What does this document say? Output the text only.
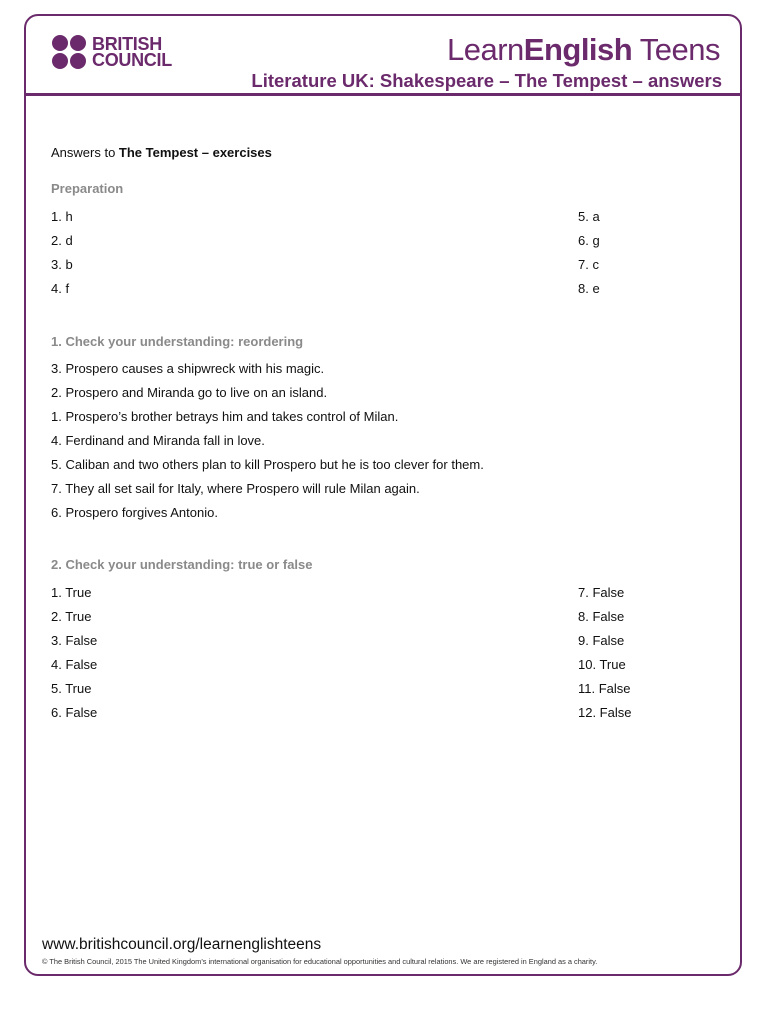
BRITISH
COUNCIL	LearnEnglish Teens
Literature UK: Shakespeare – The Tempest – answers
Answers to The Tempest – exercises
Preparation
1. h
2. d
3. b
4. f
5. a
6. g
7. c
8. e
1. Check your understanding: reordering
3. Prospero causes a shipwreck with his magic.
2. Prospero and Miranda go to live on an island.
1. Prospero’s brother betrays him and takes control of Milan.
4. Ferdinand and Miranda fall in love.
5. Caliban and two others plan to kill Prospero but he is too clever for them.
7. They all set sail for Italy, where Prospero will rule Milan again.
6. Prospero forgives Antonio.
2. Check your understanding: true or false
1. True
2. True
3. False
4. False
5. True
6. False
7. False
8. False
9. False
10. True
11. False
12. False
www.britishcouncil.org/learnenglishteens
© The British Council, 2015 The United Kingdom’s international organisation for educational opportunities and cultural relations. We are registered in England as a charity.
